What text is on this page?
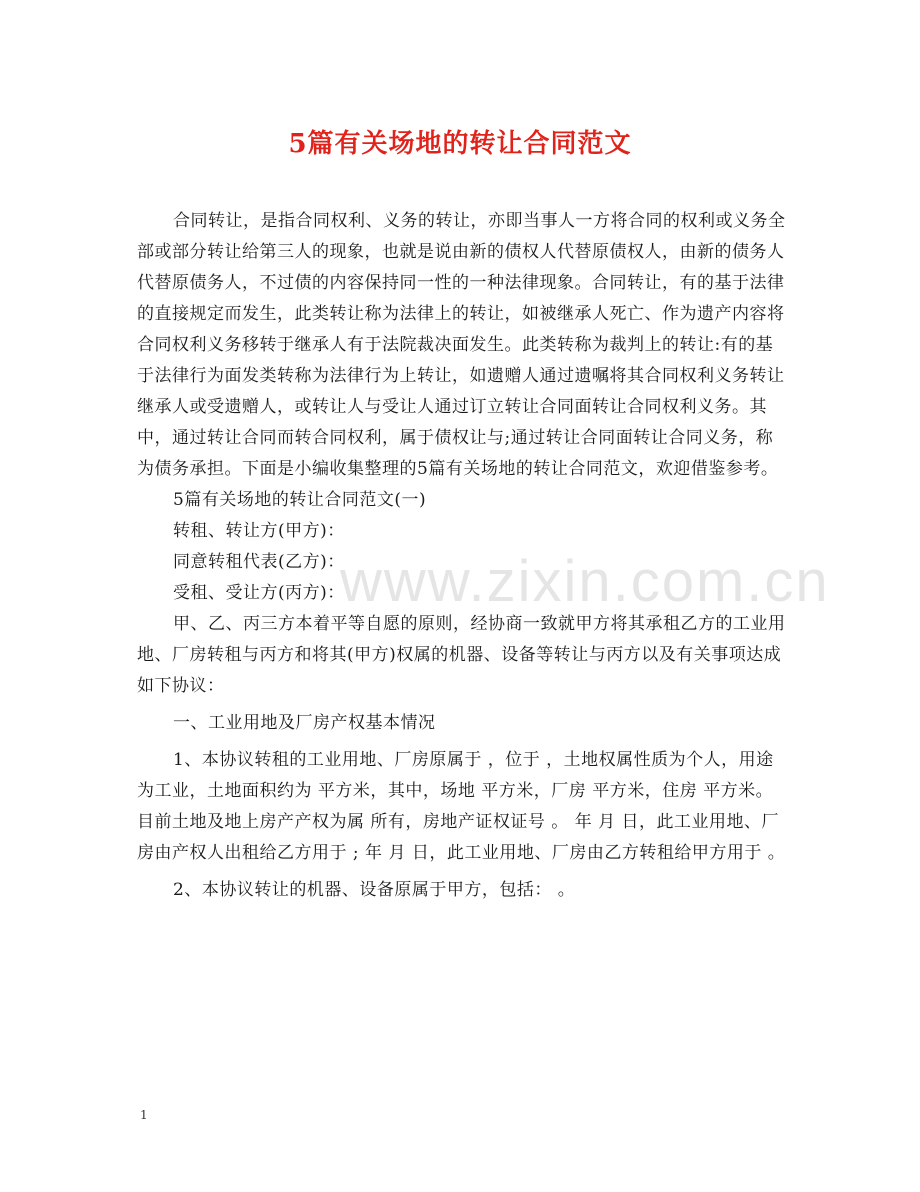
5篇有关场地的转让合同范文
www.zixin.com.cn

合同转让，是指合同权利、义务的转让，亦即当事人一方将合同的权利或义务全部或部分转让给第三人的现象，也就是说由新的债权人代替原债权人，由新的债务人代替原债务人，不过债的内容保持同一性的一种法律现象。合同转让，有的基于法律的直接规定而发生，此类转让称为法律上的转让，如被继承人死亡、作为遗产内容将合同权利义务移转于继承人有于法院裁决面发生。此类转称为裁判上的转让:有的基于法律行为面发类转称为法律行为上转让，如遗赠人通过遗嘱将其合同权利义务转让继承人或受遗赠人，或转让人与受让人通过订立转让合同面转让合同权利义务。其中，通过转让合同而转合同权利，属于债权让与;通过转让合同面转让合同义务，称为债务承担。下面是小编收集整理的5篇有关场地的转让合同范文，欢迎借鉴参考。

5篇有关场地的转让合同范文(一)

转租、转让方(甲方)：

同意转租代表(乙方)：

受租、受让方(丙方)：

甲、乙、丙三方本着平等自愿的原则，经协商一致就甲方将其承租乙方的工业用地、厂房转租与丙方和将其(甲方)权属的机器、设备等转让与丙方以及有关事项达成如下协议：

一、工业用地及厂房产权基本情况

1、本协议转租的工业用地、厂房原属于 ，位于 ，土地权属性质为个人，用途为工业，土地面积约为 平方米，其中，场地 平方米，厂房 平方米，住房 平方米。目前土地及地上房产产权为属 所有，房地产证权证号 。 年 月 日，此工业用地、厂房由产权人出租给乙方用于 ; 年 月 日，此工业用地、厂房由乙方转租给甲方用于 。

2、本协议转让的机器、设备原属于甲方，包括： 。

1
